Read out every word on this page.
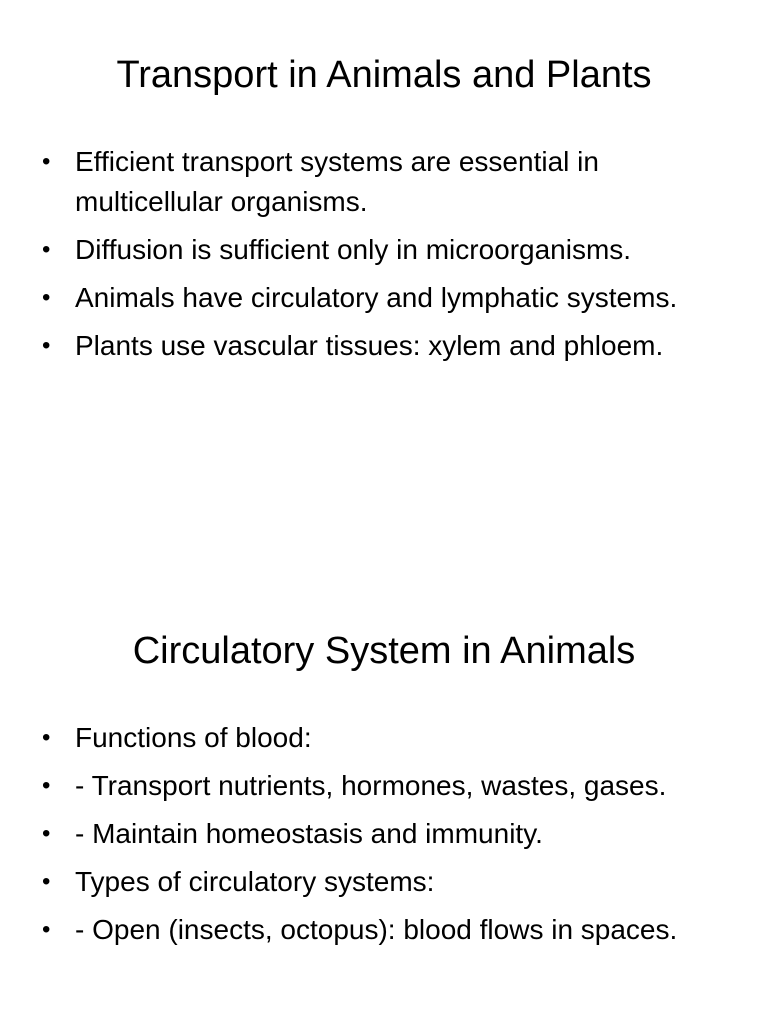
Transport in Animals and Plants
• Efficient transport systems are essential in multicellular organisms.
• Diffusion is sufficient only in microorganisms.
• Animals have circulatory and lymphatic systems.
• Plants use vascular tissues: xylem and phloem.
Circulatory System in Animals
• Functions of blood:
• - Transport nutrients, hormones, wastes, gases.
• - Maintain homeostasis and immunity.
• Types of circulatory systems:
• - Open (insects, octopus): blood flows in spaces.
